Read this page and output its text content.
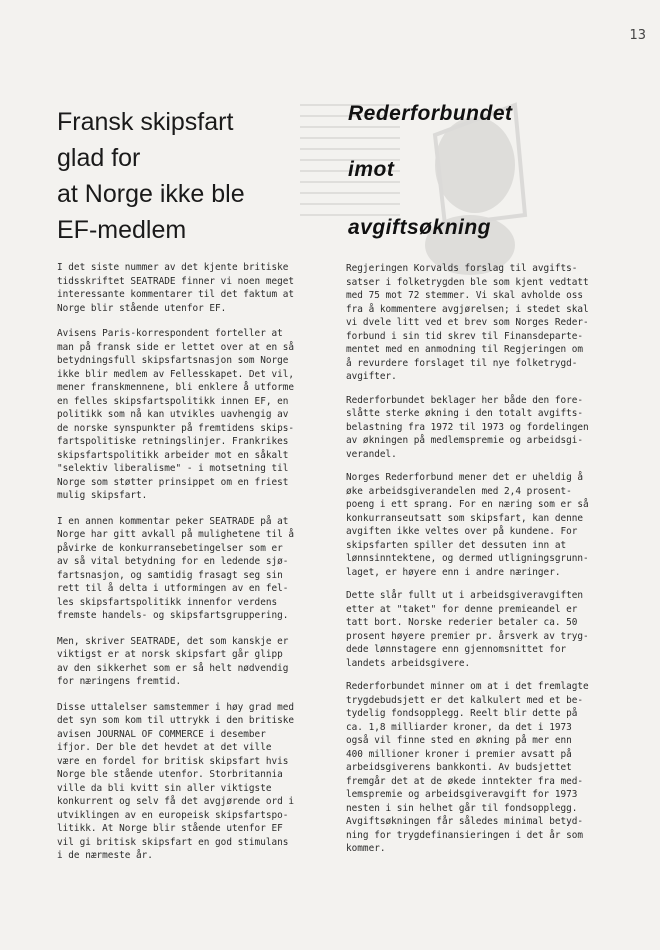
13
Fransk skipsfart
glad for
at Norge ikke ble
EF-medlem

I det siste nummer av det kjente britiske
tidsskriftet SEATRADE finner vi noen meget
interessante kommentarer til det faktum at
Norge blir stående utenfor EF.

Avisens Paris-korrespondent forteller at
man på fransk side er lettet over at en så
betydningsfull skipsfartsnasjon som Norge
ikke blir medlem av Fellesskapet. Det vil,
mener franskmennene, bli enklere å utforme
en felles skipsfartspolitikk innen EF, en
politikk som nå kan utvikles uavhengig av
de norske synspunkter på fremtidens skips-
fartspolitiske retningslinjer. Frankrikes
skipsfartspolitikk arbeider mot en såkalt
"selektiv liberalisme" - i motsetning til
Norge som støtter prinsippet om en friest
mulig skipsfart.

I en annen kommentar peker SEATRADE på at
Norge har gitt avkall på mulighetene til å
påvirke de konkurransebetingelser som er
av så vital betydning for en ledende sjø-
fartsnasjon, og samtidig frasagt seg sin
rett til å delta i utformingen av en fel-
les skipsfartspolitikk innenfor verdens
fremste handels- og skipsfartsgruppering.

Men, skriver SEATRADE, det som kanskje er
viktigst er at norsk skipsfart går glipp
av den sikkerhet som er så helt nødvendig
for næringens fremtid.

Disse uttalelser samstemmer i høy grad med
det syn som kom til uttrykk i den britiske
avisen JOURNAL OF COMMERCE i desember
ifjor. Der ble det hevdet at det ville
være en fordel for britisk skipsfart hvis
Norge ble stående utenfor. Storbritannia
ville da bli kvitt sin aller viktigste
konkurrent og selv få det avgjørende ord i
utviklingen av en europeisk skipsfartspo-
litikk. At Norge blir stående utenfor EF
vil gi britisk skipsfart en god stimulans
i de nærmeste år.

Rederforbundet
imot
avgiftsøkning

Regjeringen Korvalds forslag til avgifts-
satser i folketrygden ble som kjent vedtatt
med 75 mot 72 stemmer. Vi skal avholde oss
fra å kommentere avgjørelsen; i stedet skal
vi dvele litt ved et brev som Norges Reder-
forbund i sin tid skrev til Finansdeparte-
mentet med en anmodning til Regjeringen om
å revurdere forslaget til nye folketrygd-
avgifter.

Rederforbundet beklager her både den fore-
slåtte sterke økning i den totalt avgifts-
belastning fra 1972 til 1973 og fordelingen
av økningen på medlemspremie og arbeidsgi-
verandel.

Norges Rederforbund mener det er uheldig å
øke arbeidsgiverandelen med 2,4 prosent-
poeng i ett sprang. For en næring som er så
konkurranseutsatt som skipsfart, kan denne
avgiften ikke veltes over på kundene. For
skipsfarten spiller det dessuten inn at
lønnsinntektene, og dermed utligningsgrunn-
laget, er høyere enn i andre næringer.

Dette slår fullt ut i arbeidsgiveravgiften
etter at "taket" for denne premieandel er
tatt bort. Norske rederier betaler ca. 50
prosent høyere premier pr. årsverk av tryg-
dede lønnstagere enn gjennomsnittet for
landets arbeidsgivere.

Rederforbundet minner om at i det fremlagte
trygdebudsjett er det kalkulert med et be-
tydelig fondsopplegg. Reelt blir dette på
ca. 1,8 milliarder kroner, da det i 1973
også vil finne sted en økning på mer enn
400 millioner kroner i premier avsatt på
arbeidsgiverens bankkonti. Av budsjettet
fremgår det at de økede inntekter fra med-
lemspremie og arbeidsgiveravgift for 1973
nesten i sin helhet går til fondsopplegg.
Avgiftsøkningen får således minimal betyd-
ning for trygdefinansieringen i det år som
kommer.
